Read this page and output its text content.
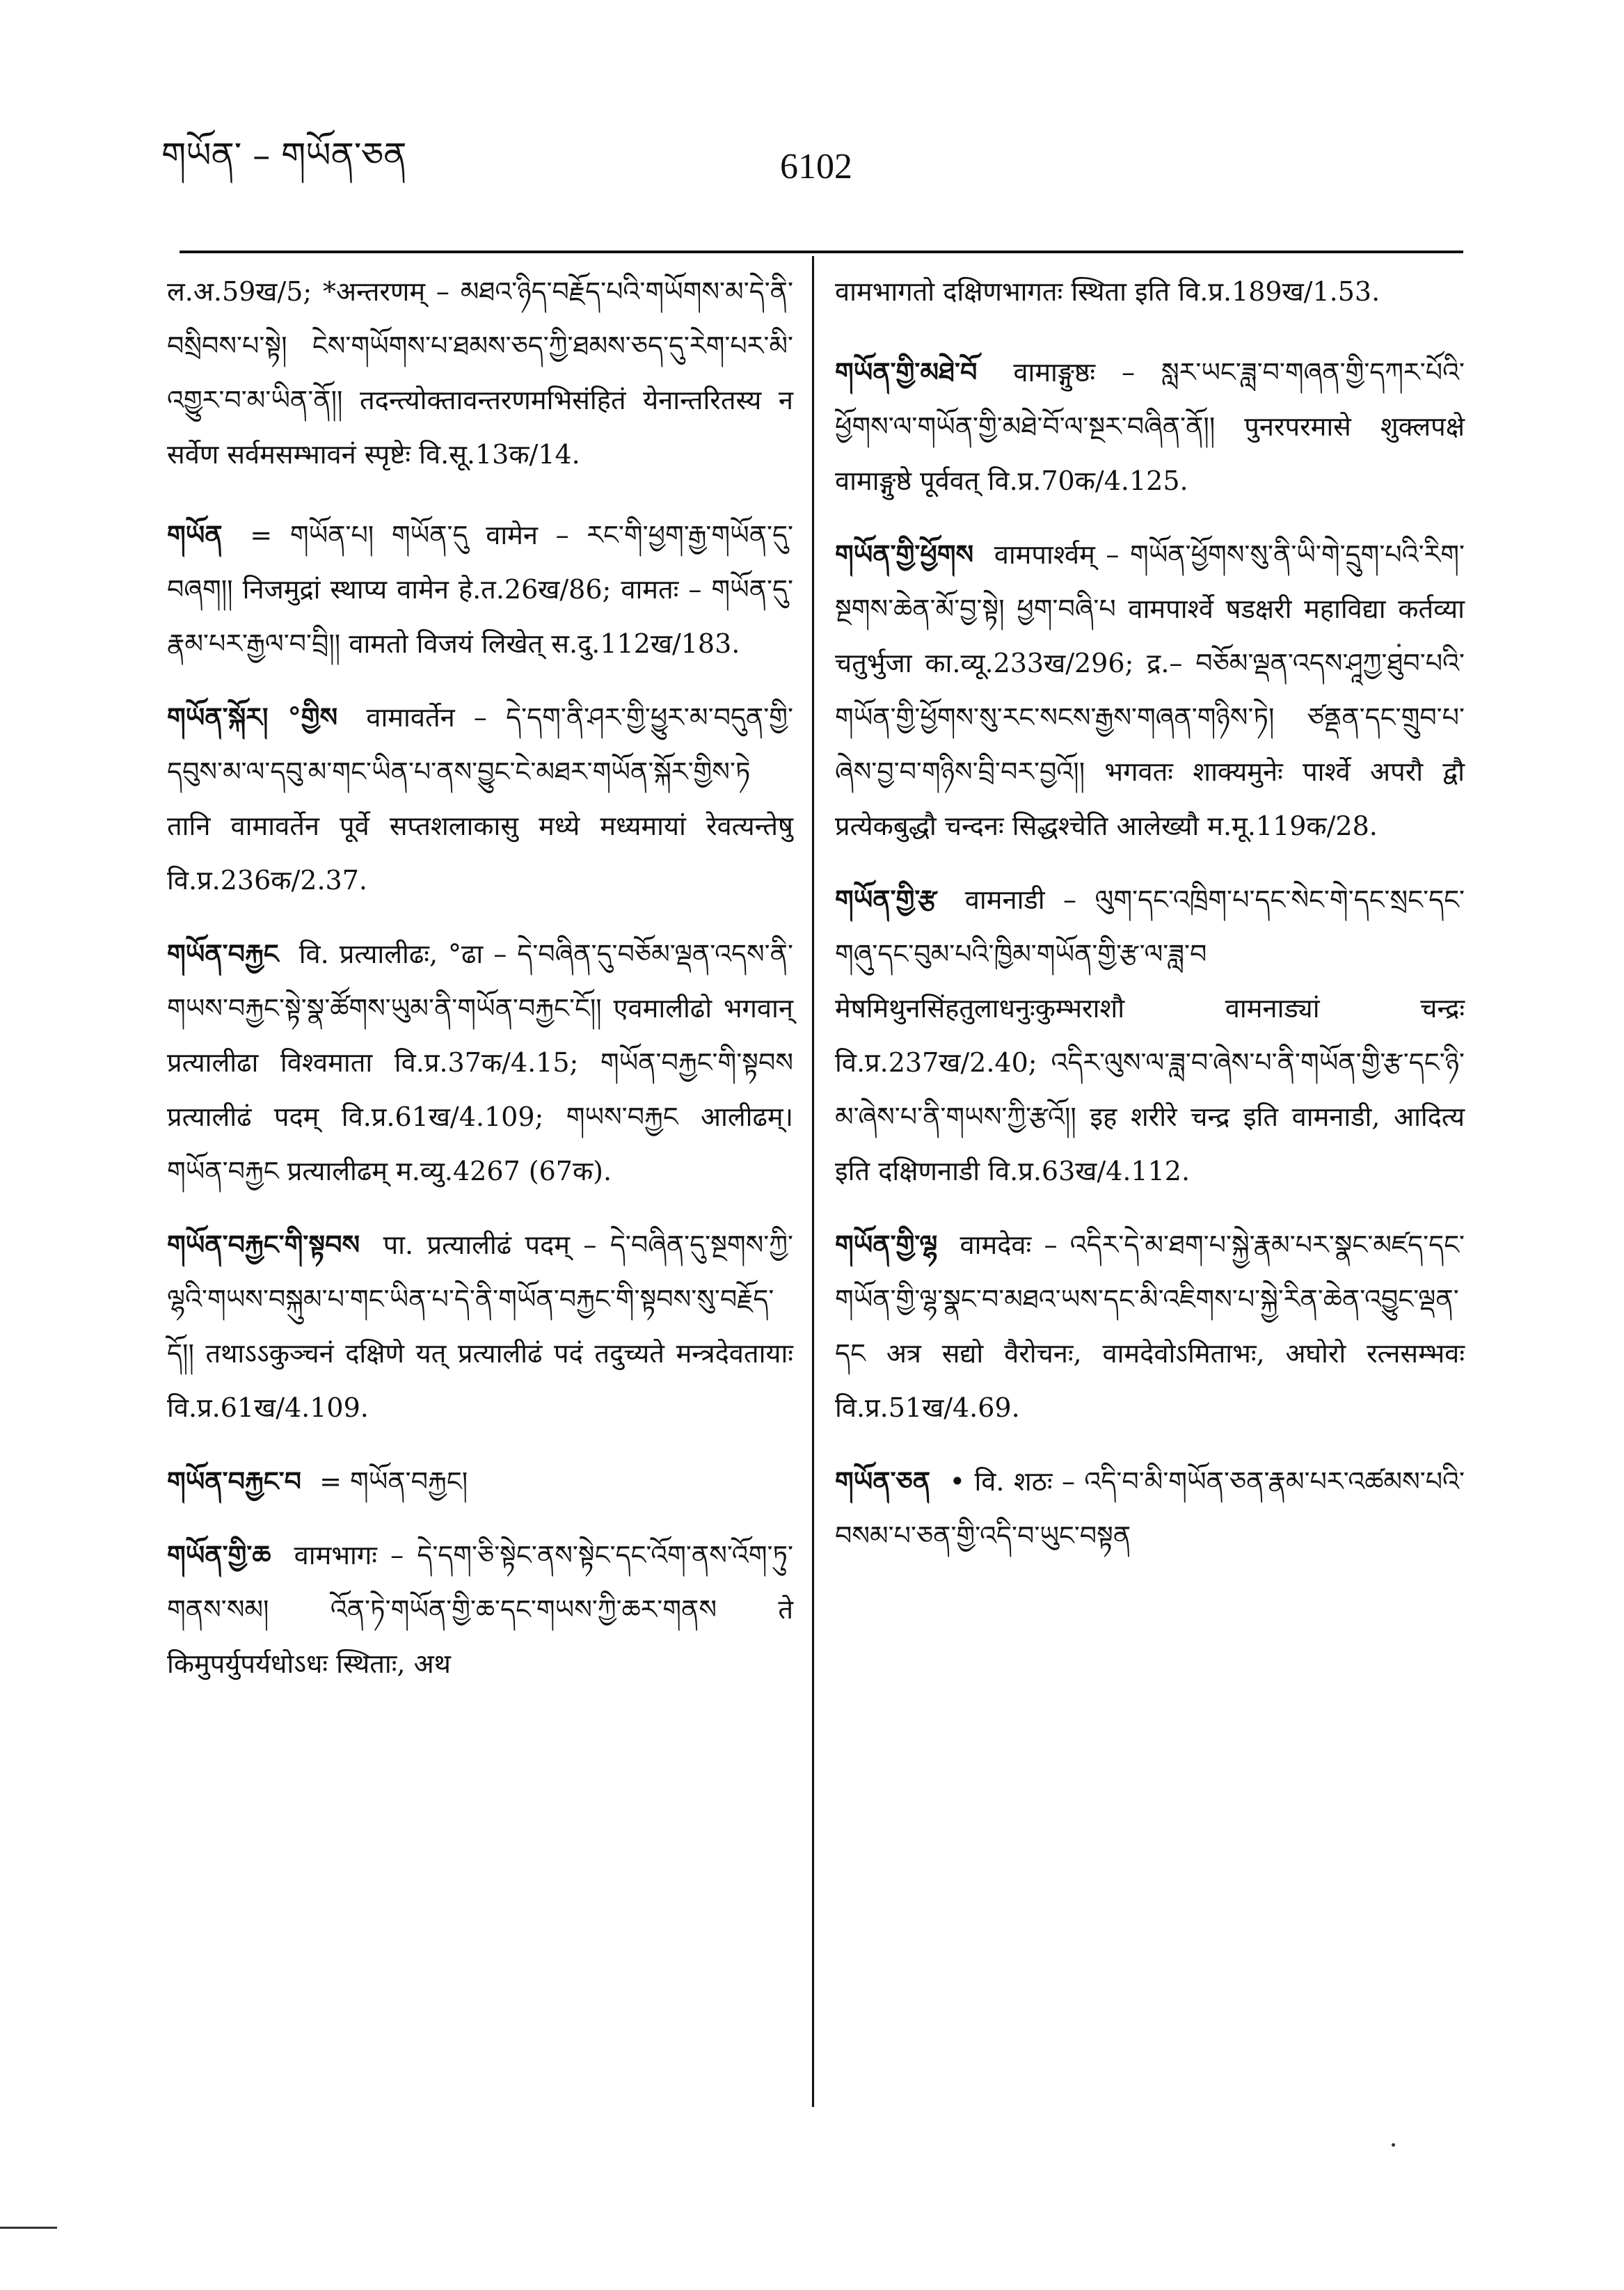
གཡོན་ – གཡོན་ཅན	6102

ल.अ.59ख/5; *अन्तरणम् – མཐའ་ཉིད་བརྗོད་པའི་གཡོགས་མ་དེ་ནི་བསྲིབས་པ་སྟེ། ངེས་གཡོགས་པ་ཐམས་ཅད་ཀྱི་ཐམས་ཅད་དུ་རེག་པར་མི་འགྱུར་བ་མ་ཡིན་ནོ།། तदन्त्योक्तावन्तरणमभिसंहितं येनान्तरितस्य न सर्वेण सर्वमसम्भावनं स्पृष्टेः वि.सू.13क/14.

གཡོན = གཡོན་པ། གཡོན་དུ वामेन – རང་གི་ཕྱག་རྒྱ་གཡོན་དུ་བཞག།། निजमुद्रां स्थाप्य वामेन हे.त.26ख/86; वामतः – གཡོན་དུ་རྣམ་པར་རྒྱལ་བ་བྲི།། वामतो विजयं लिखेत् स.दु.112ख/183.

གཡོན་སྐོར། °གྱིས वामावर्तेन – དེ་དག་ནི་ཤར་གྱི་ཕྱུར་མ་བདུན་གྱི་དབུས་མ་ལ་དབུ་མ་གང་ཡིན་པ་ནས་བྱུང་ངེ་མཐར་གཡོན་སྐོར་གྱིས་ཏེ तानि वामावर्तेन पूर्वे सप्तशलाकासु मध्ये मध्यमायां रेवत्यन्तेषु वि.प्र.236क/2.37.

གཡོན་བརྐྱང वि. प्रत्यालीढः, °ढा – དེ་བཞིན་དུ་བཅོམ་ལྡན་འདས་ནི་གཡས་བརྐྱང་སྟེ་སྣ་ཚོགས་ཡུམ་ནི་གཡོན་བརྐྱང་ངོ།། एवमालीढो भगवान् प्रत्यालीढा विश्वमाता वि.प्र.37क/4.15; གཡོན་བརྐྱང་གི་སྟབས प्रत्यालीढं पदम् वि.प्र.61ख/4.109; གཡས་བརྐྱང आलीढम्। གཡོན་བརྐྱང प्रत्यालीढम् म.व्यु.4267 (67क).

གཡོན་བརྐྱང་གི་སྟབས पा. प्रत्यालीढं पदम् – དེ་བཞིན་དུ་སྔགས་ཀྱི་ལྷའི་གཡས་བསྐུམ་པ་གང་ཡིན་པ་དེ་ནི་གཡོན་བརྐྱང་གི་སྟབས་སུ་བརྗོད་དོ།། तथाऽऽकुञ्चनं दक्षिणे यत् प्रत्यालीढं पदं तदुच्यते मन्त्रदेवतायाः वि.प्र.61ख/4.109.

གཡོན་བརྐྱང་བ = གཡོན་བརྐྱང།

གཡོན་གྱི་ཆ वामभागः – དེ་དག་ཅི་སྟེང་ནས་སྟེང་དང་འོག་ནས་འོག་ཏུ་གནས་སམ། འོན་ཏེ་གཡོན་གྱི་ཆ་དང་གཡས་ཀྱི་ཆར་གནས ते किमुपर्युपर्यधोऽधः स्थिताः, अथ

वामभागतो दक्षिणभागतः स्थिता इति वि.प्र.189ख/1.53.

གཡོན་གྱི་མཐེ་བོ वामाङ्गुष्ठः – སླར་ཡང་ཟླ་བ་གཞན་གྱི་དཀར་པོའི་ཕྱོགས་ལ་གཡོན་གྱི་མཐེ་བོ་ལ་སྔར་བཞིན་ནོ།། पुनरपरमासे शुक्लपक्षे वामाङ्गुष्ठे पूर्ववत् वि.प्र.70क/4.125.

གཡོན་གྱི་ཕྱོགས वामपार्श्वम् – གཡོན་ཕྱོགས་སུ་ནི་ཡི་གེ་དྲུག་པའི་རིག་སྔགས་ཆེན་མོ་བྱ་སྟེ། ཕྱག་བཞི་པ वामपार्श्वे षडक्षरी महाविद्या कर्तव्या चतुर्भुजा का.व्यू.233ख/296; द्र.– བཅོམ་ལྡན་འདས་ཤཱཀྱ་ཐུབ་པའི་གཡོན་གྱི་ཕྱོགས་སུ་རང་སངས་རྒྱས་གཞན་གཉིས་ཏེ། ཙནྡན་དང་གྲུབ་པ་ཞེས་བྱ་བ་གཉིས་བྲི་བར་བྱའོ།། भगवतः शाक्यमुनेः पार्श्वे अपरौ द्वौ प्रत्येकबुद्धौ चन्दनः सिद्धश्चेति आलेख्यौ म.मू.119क/28.

གཡོན་གྱི་རྩ वामनाडी – ལུག་དང་འཁྲིག་པ་དང་སེང་གེ་དང་སྲང་དང་གཞུ་དང་བུམ་པའི་ཁྱིམ་གཡོན་གྱི་རྩ་ལ་ཟླ་བ मेषमिथुनसिंहतुलाधनुःकुम्भराशौ वामनाड्यां चन्द्रः वि.प्र.237ख/2.40; འདིར་ལུས་ལ་ཟླ་བ་ཞེས་པ་ནི་གཡོན་གྱི་རྩ་དང་ཉི་མ་ཞེས་པ་ནི་གཡས་ཀྱི་རྩའོ།། इह शरीरे चन्द्र इति वामनाडी, आदित्य इति दक्षिणनाडी वि.प्र.63ख/4.112.

གཡོན་གྱི་ལྷ वामदेवः – འདིར་དེ་མ་ཐག་པ་སྐྱེ་རྣམ་པར་སྣང་མཛད་དང་གཡོན་གྱི་ལྷ་སྣང་བ་མཐའ་ཡས་དང་མི་འཇིགས་པ་སྐྱེ་རིན་ཆེན་འབྱུང་ལྡན་དང अत्र सद्यो वैरोचनः, वामदेवोऽमिताभः, अघोरो रत्नसम्भवः वि.प्र.51ख/4.69.

གཡོན་ཅན • वि. शठः – འདི་བ་མི་གཡོན་ཅན་རྣམ་པར་འཚམས་པའི་བསམ་པ་ཅན་གྱི་འདི་བ་ཡུང་བསྟན
